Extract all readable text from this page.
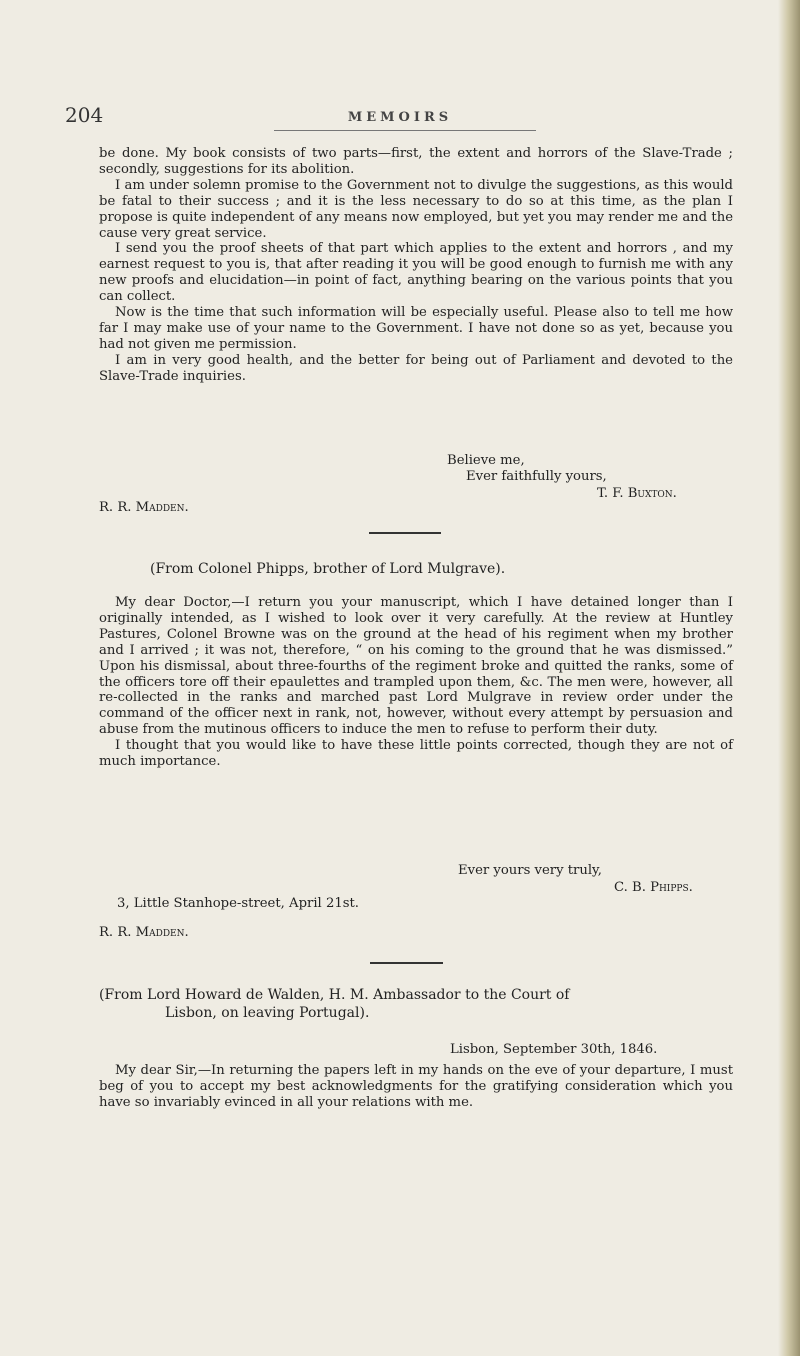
204	MEMOIRS

be done. My book consists of two parts—first, the extent and horrors of the Slave-Trade ; secondly, suggestions for its abolition.

I am under solemn promise to the Government not to divulge the suggestions, as this would be fatal to their success ; and it is the less necessary to do so at this time, as the plan I propose is quite independent of any means now employed, but yet you may render me and the cause very great service.

I send you the proof sheets of that part which applies to the extent and horrors , and my earnest request to you is, that after reading it you will be good enough to furnish me with any new proofs and elucidation—in point of fact, anything bearing on the various points that you can collect.

Now is the time that such information will be especially useful. Please also to tell me how far I may make use of your name to the Government. I have not done so as yet, because you had not given me permission.

I am in very good health, and the better for being out of Parliament and devoted to the Slave-Trade inquiries.

Believe me,
Ever faithfully yours,
T. F. Buxton.
R. R. Madden.
(From Colonel Phipps, brother of Lord Mulgrave).

My dear Doctor,—I return you your manuscript, which I have detained longer than I originally intended, as I wished to look over it very carefully. At the review at Huntley Pastures, Colonel Browne was on the ground at the head of his regiment when my brother and I arrived ; it was not, therefore, “ on his coming to the ground that he was dismissed.” Upon his dismissal, about three-fourths of the regiment broke and quitted the ranks, some of the officers tore off their epaulettes and trampled upon them, &c. The men were, however, all re-collected in the ranks and marched past Lord Mulgrave in review order under the command of the officer next in rank, not, however, without every attempt by persuasion and abuse from the mutinous officers to induce the men to refuse to perform their duty.

I thought that you would like to have these little points corrected, though they are not of much importance.

Ever yours very truly,
C. B. Phipps.
3, Little Stanhope-street, April 21st.
R. R. Madden.
(From Lord Howard de Walden, H. M. Ambassador to the Court of
Lisbon, on leaving Portugal).
Lisbon, September 30th, 1846.

My dear Sir,—In returning the papers left in my hands on the eve of your departure, I must beg of you to accept my best acknowledgments for the gratifying consideration which you have so invariably evinced in all your relations with me.
